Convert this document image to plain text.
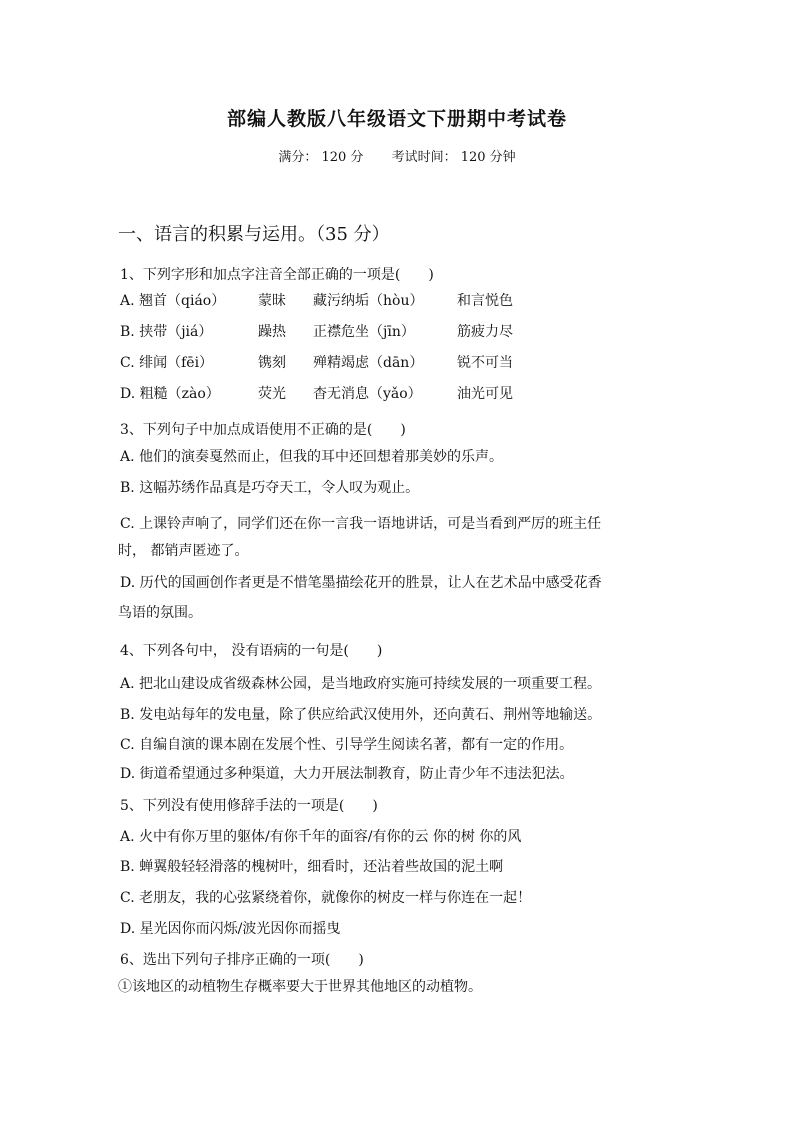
部编人教版八年级语文下册期中考试卷
满分： 120 分 考试时间： 120 分钟
一、语言的积累与运用。（35 分）
1、下列字形和加点字注音全部正确的一项是(　　)
A. 翘首（qiáo） 蒙昧 藏污纳垢（hòu） 和言悦色
B. 挟带（jiá）	躁热 正襟危坐（jīn）	筋疲力尽
C. 绯闻（fēi）	镌刻 殚精竭虑（dān） 锐不可当
D. 粗糙（zào）	荧光 杳无消息（yǎo）	油光可见
3、下列句子中加点成语使用不正确的是(　　)
A. 他们的演奏戛然而止，但我的耳中还回想着那美妙的乐声。
B. 这幅苏绣作品真是巧夺天工，令人叹为观止。
C. 上课铃声响了，同学们还在你一言我一语地讲话，可是当看到严厉的班主任
时， 都销声匿迹了。
D. 历代的国画创作者更是不惜笔墨描绘花开的胜景，让人在艺术品中感受花香
鸟语的氛围。
4、下列各句中， 没有语病的一句是(　　)
A. 把北山建设成省级森林公园，是当地政府实施可持续发展的一项重要工程。
B. 发电站每年的发电量，除了供应给武汉使用外，还向黄石、荆州等地输送。
C. 自编自演的课本剧在发展个性、引导学生阅读名著，都有一定的作用。
D. 街道希望通过多种渠道，大力开展法制教育，防止青少年不违法犯法。
5、下列没有使用修辞手法的一项是(　　)
A. 火中有你万里的躯体/有你千年的面容/有你的云 你的树 你的风
B. 蝉翼般轻轻滑落的槐树叶，细看时，还沾着些故国的泥土啊
C. 老朋友，我的心弦紧绕着你，就像你的树皮一样与你连在一起！
D. 星光因你而闪烁/波光因你而摇曳
6、选出下列句子排序正确的一项(　　)
①该地区的动植物生存概率要大于世界其他地区的动植物。
